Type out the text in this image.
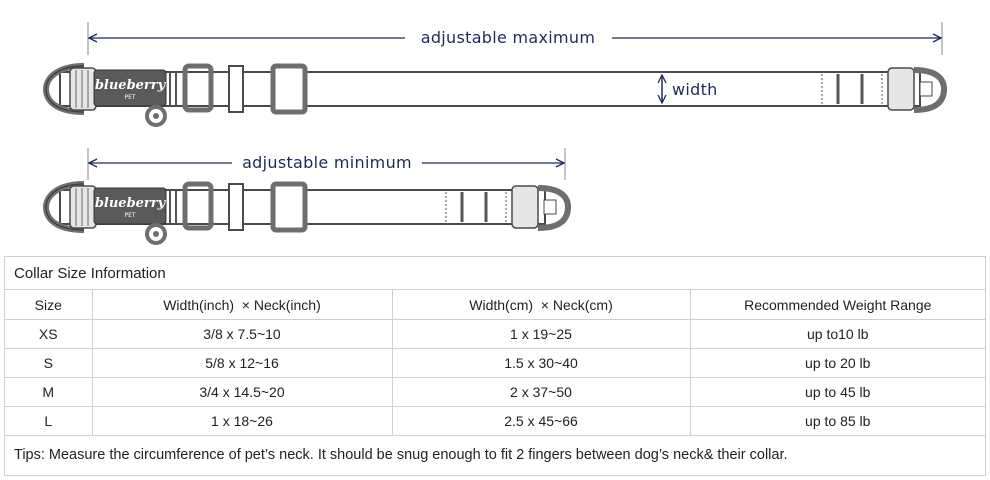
adjustable maximum
blueberry
PET	width
adjustable minimum
blueberry
PET
Collar Size Information
Size	Width(inch)  × Neck(inch)	Width(cm)  × Neck(cm)	Recommended Weight Range
XS	3/8 x 7.5~10	1 x 19~25	up to10 lb
S	5/8 x 12~16	1.5 x 30~40	up to 20 lb
M	3/4 x 14.5~20	2 x 37~50	up to 45 lb
L	1 x 18~26	2.5 x 45~66	up to 85 lb
Tips: Measure the circumference of pet’s neck. It should be snug enough to fit 2 fingers between dog’s neck& their collar.
